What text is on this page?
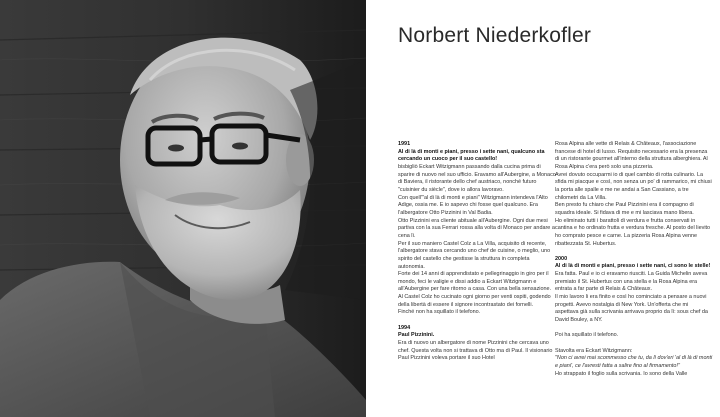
Norbert Niederkofler

1991

Al di là di monti e piani, presso i sette nani, qualcuno sta cercando un cuoco per il suo castello!

bisbigliò Eckart Witzigmann passando dalla cucina prima di sparire di nuovo nel suo ufficio. Eravamo all'Aubergine, a Monaco di Baviera, il ristorante dello chef austriaco, nonché futuro "cuisinier du siècle", dove io allora lavoravo.

Con quell'"al di là di monti e piani" Witzigmann intendeva l'Alto Adige, ossia me. E io sapevo chi fosse quel qualcuno. Era l'albergatore Otto Pizzinini in Val Badia.

Otto Pizzinini era cliente abituale all'Aubergine. Ogni due mesi partiva con la sua Ferrari rossa alla volta di Monaco per andare a cena lì.

Per il suo maniero Castel Colz a La Villa, acquisito di recente, l'albergatore stava cercando uno chef de cuisine, o meglio, uno spirito del castello che gestisse la struttura in completa autonomia.

Forte dei 14 anni di apprendistato e pellegrinaggio in giro per il mondo, feci le valigie e dissi addio a Eckart Witzigmann e all'Aubergine per fare ritorno a casa. Con una bella sensazione.

Al Castel Colz ho cucinato ogni giorno per venti ospiti, godendo della libertà di essere il signore incontrastato dei fornelli.

Finché non ha squillato il telefono.

1994

Paul Pizzinini.

Era di nuovo un albergatore di nome Pizzinini che cercava uno chef. Questa volta non si trattava di Otto ma di Paul. Il visionario Paul Pizzinini voleva portare il suo Hotel

Rosa Alpina alle vette di Relais & Châteaux, l'associazione francese di hotel di lusso. Requisito necessario era la presenza di un ristorante gourmet all'interno della struttura alberghiera. Al Rosa Alpina c'era però solo una pizzeria.

Avrei dovuto occuparmi io di quel cambio di rotta culinario. La sfida mi piacque e così, non senza un po' di rammarico, mi chiusi la porta alle spalle e me ne andai a San Cassiano, a tre chilometri da La Villa.

Ben presto fu chiaro che Paul Pizzinini era il compagno di squadra ideale. Si fidava di me e mi lasciava mano libera.

Ho eliminato tutti i barattoli di verdura e frutta conservati in cantina e ho ordinato frutta e verdura fresche. Al posto del lievito ho comprato pesce e carne. La pizzeria Rosa Alpina venne ribattezzata St. Hubertus.

2000

Al di là di monti e piani, presso i sette nani, ci sono le stelle!

Era fatta. Paul e io ci eravamo riusciti. La Guida Michelin aveva premiato il St. Hubertus con una stella e la Rosa Alpina era entrata a far parte di Relais & Châteaux.

Il mio lavoro li era finito e così ho cominciato a pensare a nuovi progetti. Avevo nostalgia di New York. Un'offerta che mi aspettava già sulla scrivania arrivava proprio da lì: sous chef da David Bouley, a NY.

Poi ha squillato il telefono.

Stavolta era Eckart Witzigmann:

"Non ci avrei mai scommesso che tu, da lì dov'eri 'al di là di monti e piani', ce l'avresti fatta a salire fino al firmamento!"

Ho strappato il foglio sulla scrivania. Io sono della Valle
